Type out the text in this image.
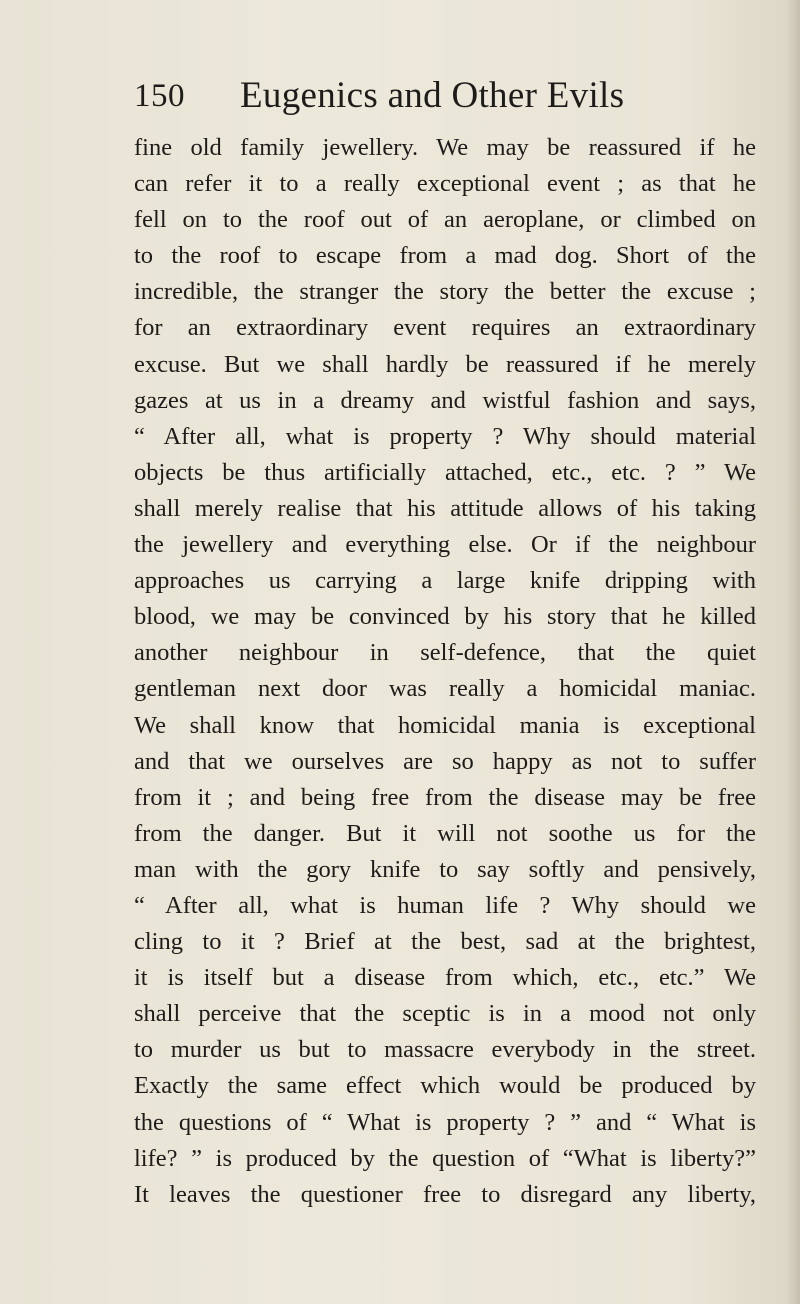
150 Eugenics and Other Evils
fine old family jewellery. We may be reassured if he
can refer it to a really exceptional event ; as that he
fell on to the roof out of an aeroplane, or climbed on
to the roof to escape from a mad dog. Short of the
incredible, the stranger the story the better the excuse ;
for an extraordinary event requires an extraordinary
excuse. But we shall hardly be reassured if he merely
gazes at us in a dreamy and wistful fashion and says,
“ After all, what is property ? Why should material
objects be thus artificially attached, etc., etc. ? ” We
shall merely realise that his attitude allows of his taking
the jewellery and everything else. Or if the neighbour
approaches us carrying a large knife dripping with
blood, we may be convinced by his story that he killed
another neighbour in self-defence, that the quiet
gentleman next door was really a homicidal maniac.
We shall know that homicidal mania is exceptional
and that we ourselves are so happy as not to suffer
from it ; and being free from the disease may be free
from the danger. But it will not soothe us for the
man with the gory knife to say softly and pensively,
“ After all, what is human life ? Why should we
cling to it ? Brief at the best, sad at the brightest,
it is itself but a disease from which, etc., etc.” We
shall perceive that the sceptic is in a mood not only
to murder us but to massacre everybody in the street.
Exactly the same effect which would be produced by
the questions of “ What is property ? ” and “ What is
life? ” is produced by the question of “What is liberty?”
It leaves the questioner free to disregard any liberty,
